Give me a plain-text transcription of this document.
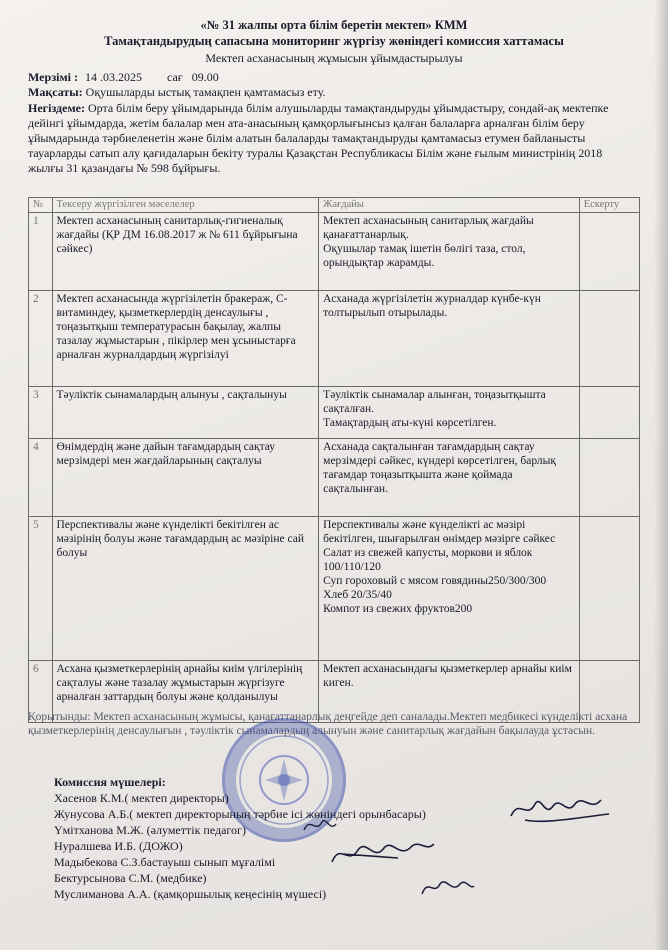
«№ 31 жалпы орта білім беретін мектеп» КММ
Тамақтандырудың сапасына мониторинг жүргізу жөніндегі комиссия хаттамасы
Мектеп асханасының жұмысын ұйымдастырылуы
Мерзімі : 14 .03.2025 сағ 09.00
Мақсаты: Оқушыларды ыстық тамақпен қамтамасыз ету.
Негіздеме: Орта білім беру ұйымдарында білім алушыларды тамақтандыруды ұйымдастыру, сондай-ақ мектепке дейінгі ұйымдарда, жетім балалар мен ата-анасының қамқорлығынсыз қалған балаларға арналған білім беру ұйымдарында тәрбиеленетін және білім алатын балаларды тамақтандыруды қамтамасыз етумен байланысты тауарларды сатып алу қағидаларын бекіту туралы Қазақстан Республикасы Білім және ғылым министрінің 2018 жылғы 31 қазандағы № 598 бұйрығы.
№	Тексеру жүргізілген мәселелер	Жағдайы	Ескерту
1	Мектеп асханасының санитарлық-гигиеналық жағдайы (ҚР ДМ 16.08.2017 ж № 611 бұйрығына сәйкес)	Мектеп асханасының санитарлық жағдайы қанағаттанарлық.
Оқушылар тамақ ішетін бөлігі таза, стол, орындықтар жарамды.	

2	Мектеп асханасында жүргізілетін бракераж, С-витаминдеу, қызметкерлердің денсаулығы , тоңазытқыш температурасын бақылау, жалпы тазалау жұмыстарын , пікірлер мен ұсыныстарға арналған журналдардың жүргізілуі	Асханада жүргізілетін журналдар күнбе-күн толтырылып отырылады.	

3	Тәуліктік сынамалардың алынуы , сақталынуы	Тәуліктік сынамалар алынған, тоңазытқышта сақталған.
Тамақтардың аты-күні көрсетілген.	

4	Өнімдердің және дайын тағамдардың сақтау мерзімдері мен жағдайларының сақталуы	Асханада сақталынған тағамдардың сақтау мерзімдері сәйкес, күндері көрсетілген, барлық тағамдар тоңазытқышта және қоймада сақталынған.	

5	Перспективалы және күнделікті бекітілген ас мәзірінің болуы және тағамдардың ас мәзіріне сай болуы	Перспективалы және күнделікті ас мәзірі бекітілген, шығарылған өнімдер мәзірге сәйкес
Салат из свежей капусты, моркови и яблок 100/110/120
Суп гороховый с мясом говядины250/300/300
Хлеб 20/35/40
Компот из свежих фруктов200	

6	Асхана қызметкерлерінің арнайы киім үлгілерінің сақталуы және тазалау жұмыстарын жүргізуге арналған заттардың болуы және қолданылуы	Мектеп асханасындағы қызметкерлер арнайы киім киген.	

Қорытынды: Мектеп асханасының жұмысы, қанағаттанарлық деңгейде деп саналады.Мектеп медбикесі күнделікті асхана қызметкерлерінің денсаулығын , тәуліктік сынамалардың алынуын және санитарлық жағдайын бақылауда ұстасын.
Комиссия мүшелері:
Хасенов К.М.( мектеп директоры)
Жунусова А.Б.( мектеп директорының тәрбие ісі жөніндегі орынбасары)
Үмітханова М.Ж. (әлуметтік педагог)
Нуралшева И.Б. (ДОЖО)
Мадыбекова С.З.бастауыш сынып мұғалімі
Бектурсынова С.М. (медбике)
Муслиманова А.А. (қамқоршылық кеңесінің мүшесі)
